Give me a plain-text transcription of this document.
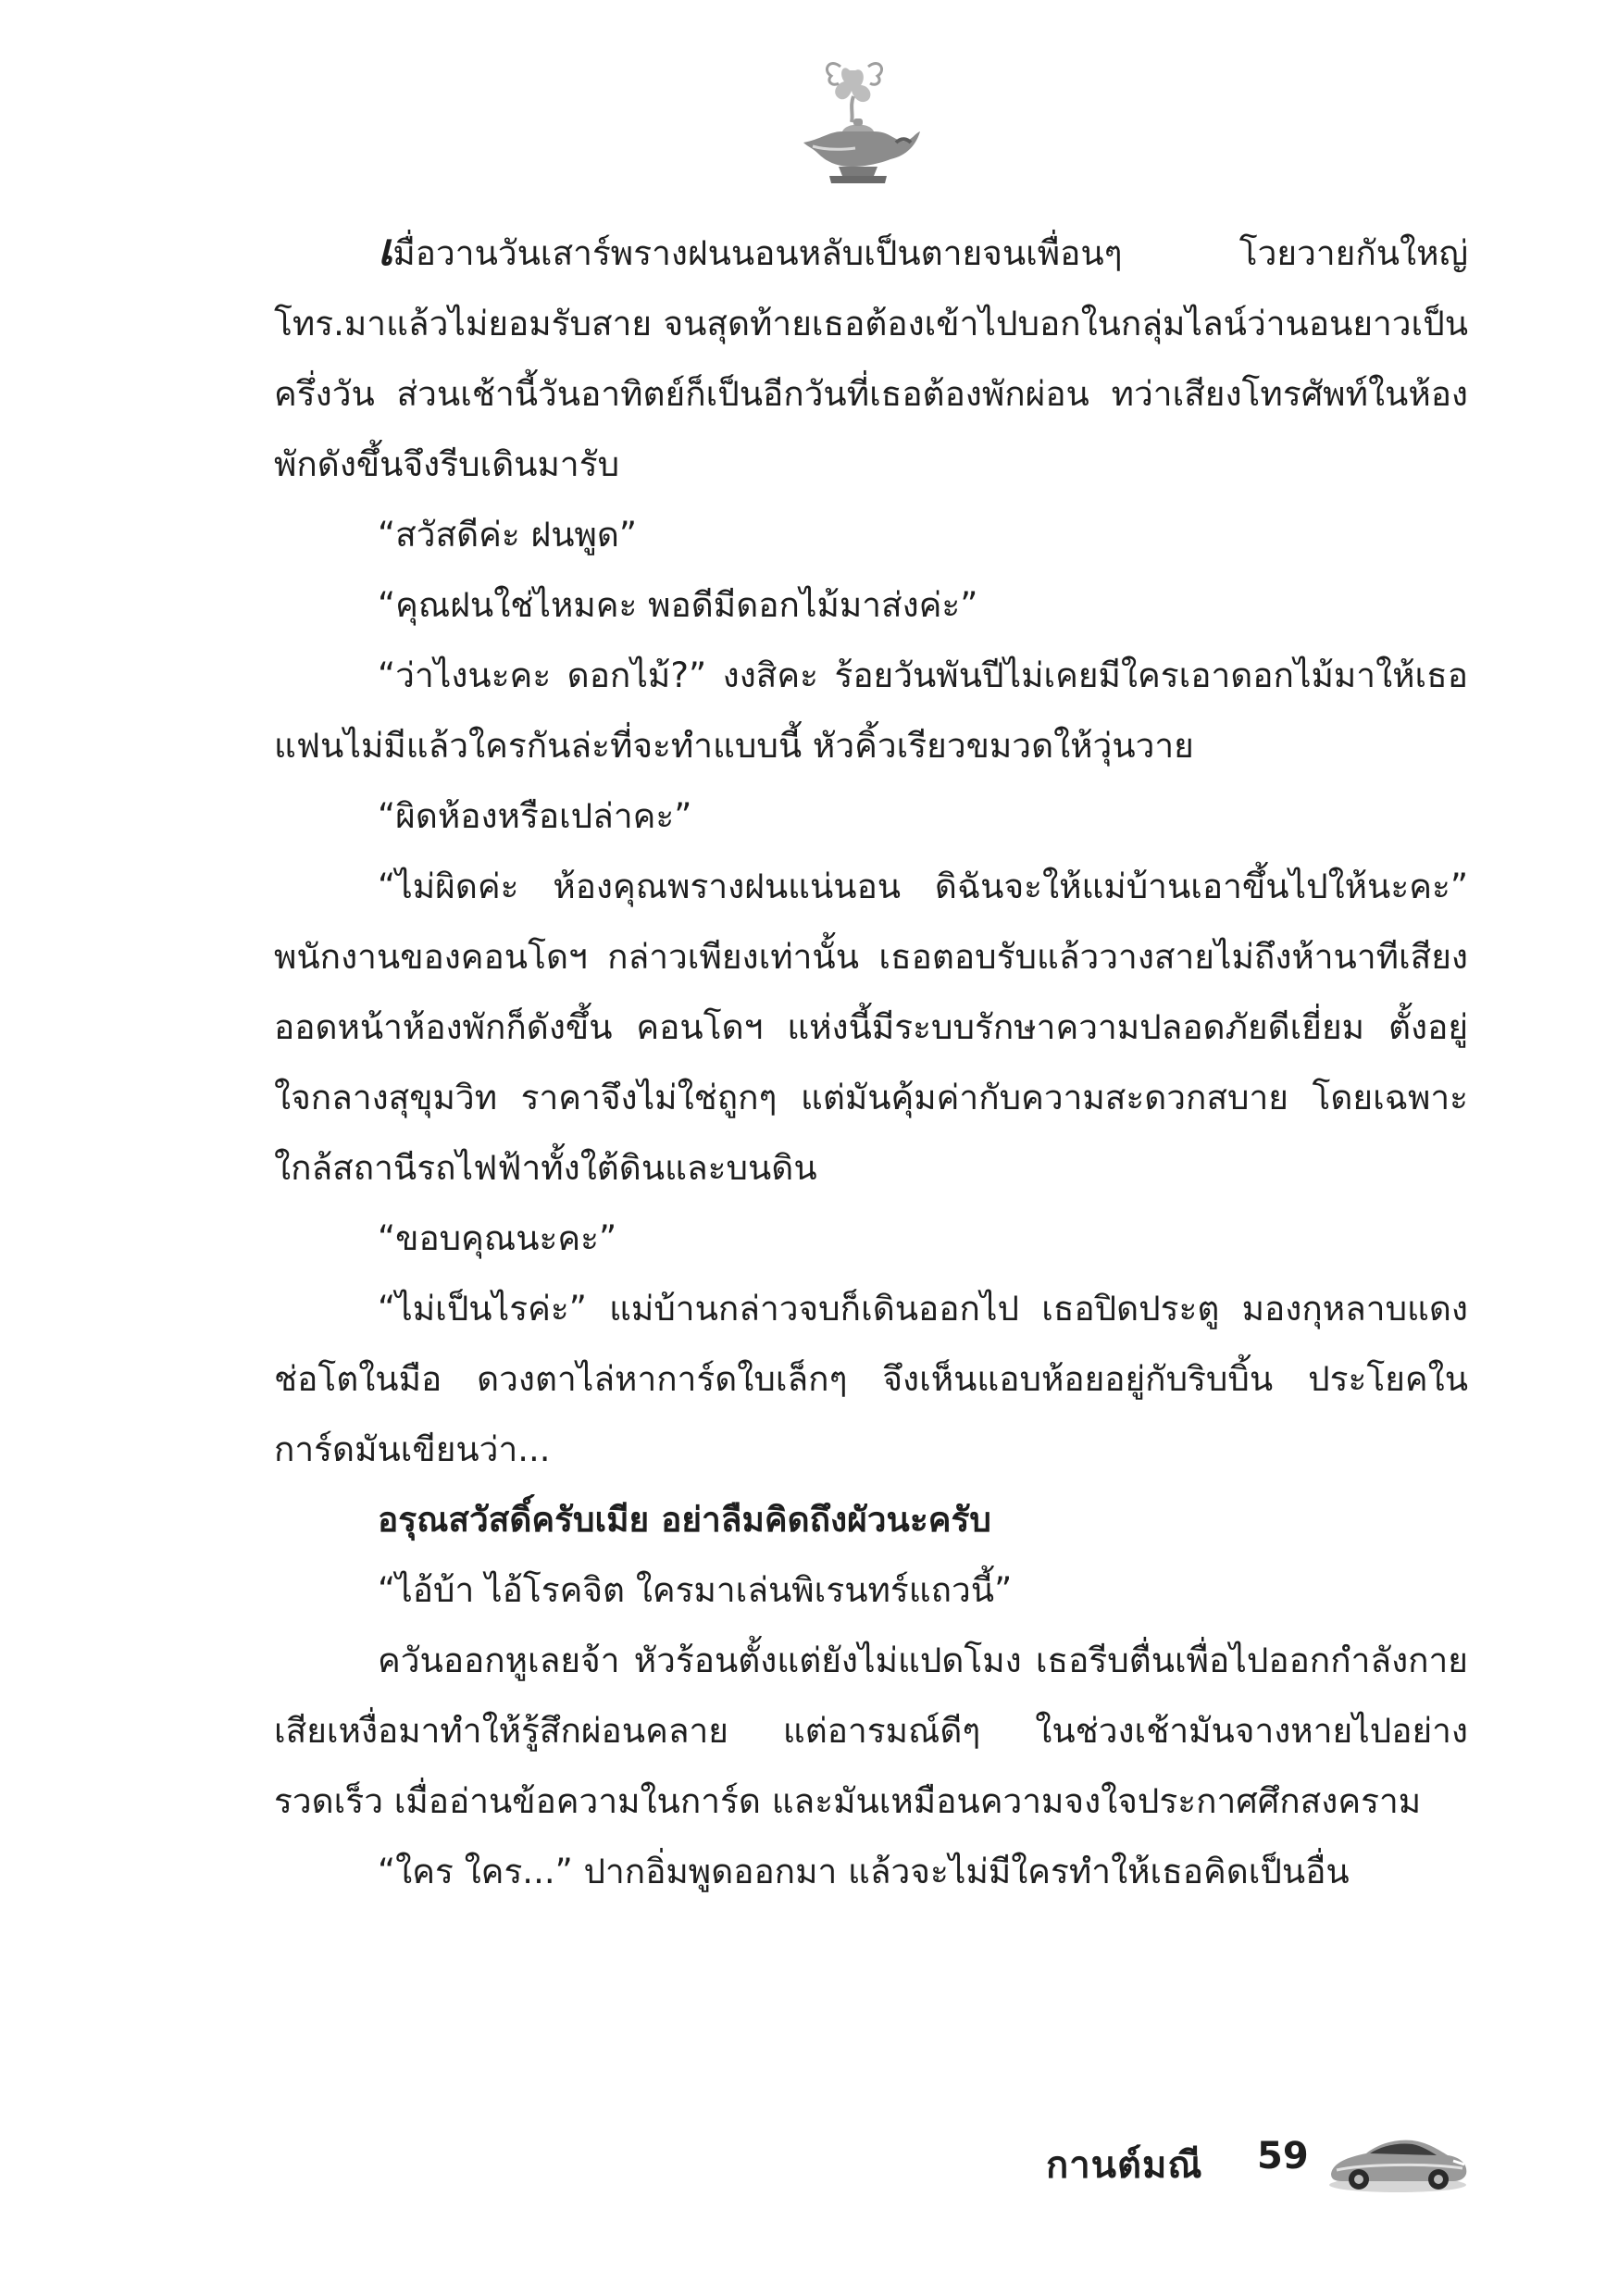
เมื่อวานวันเสาร์พรางฝนนอนหลับเป็นตายจนเพื่อนๆ โวยวายกันใหญ่ โทร.มาแล้วไม่ยอมรับสาย จนสุดท้ายเธอต้องเข้าไปบอกในกลุ่มไลน์ว่านอนยาวเป็นครึ่งวัน ส่วนเช้านี้วันอาทิตย์ก็เป็นอีกวันที่เธอต้องพักผ่อน ทว่าเสียงโทรศัพท์ในห้องพักดังขึ้นจึงรีบเดินมารับ

“สวัสดีค่ะ ฝนพูด”

“คุณฝนใช่ไหมคะ พอดีมีดอกไม้มาส่งค่ะ”

“ว่าไงนะคะ ดอกไม้?” งงสิคะ ร้อยวันพันปีไม่เคยมีใครเอาดอกไม้มาให้เธอ แฟนไม่มีแล้วใครกันล่ะที่จะทำแบบนี้ หัวคิ้วเรียวขมวดให้วุ่นวาย

“ผิดห้องหรือเปล่าคะ”

“ไม่ผิดค่ะ ห้องคุณพรางฝนแน่นอน ดิฉันจะให้แม่บ้านเอาขึ้นไปให้นะคะ” พนักงานของคอนโดฯ กล่าวเพียงเท่านั้น เธอตอบรับแล้ววางสายไม่ถึงห้านาทีเสียงออดหน้าห้องพักก็ดังขึ้น คอนโดฯ แห่งนี้มีระบบรักษาความปลอดภัยดีเยี่ยม ตั้งอยู่ใจกลางสุขุมวิท ราคาจึงไม่ใช่ถูกๆ แต่มันคุ้มค่ากับความสะดวกสบาย โดยเฉพาะใกล้สถานีรถไฟฟ้าทั้งใต้ดินและบนดิน

“ขอบคุณนะคะ”

“ไม่เป็นไรค่ะ” แม่บ้านกล่าวจบก็เดินออกไป เธอปิดประตู มองกุหลาบแดงช่อโตในมือ ดวงตาไล่หาการ์ดใบเล็กๆ จึงเห็นแอบห้อยอยู่กับริบบิ้น ประโยคในการ์ดมันเขียนว่า...

อรุณสวัสดิ์ครับเมีย อย่าลืมคิดถึงผัวนะครับ

“ไอ้บ้า ไอ้โรคจิต ใครมาเล่นพิเรนทร์แถวนี้”

ควันออกหูเลยจ้า หัวร้อนตั้งแต่ยังไม่แปดโมง เธอรีบตื่นเพื่อไปออกกำลังกาย เสียเหงื่อมาทำให้รู้สึกผ่อนคลาย แต่อารมณ์ดีๆ ในช่วงเช้ามันจางหายไปอย่างรวดเร็ว เมื่ออ่านข้อความในการ์ด และมันเหมือนความจงใจประกาศศึกสงคราม

“ใคร ใคร...” ปากอิ่มพูดออกมา แล้วจะไม่มีใครทำให้เธอคิดเป็นอื่น

กานต์มณี 59
